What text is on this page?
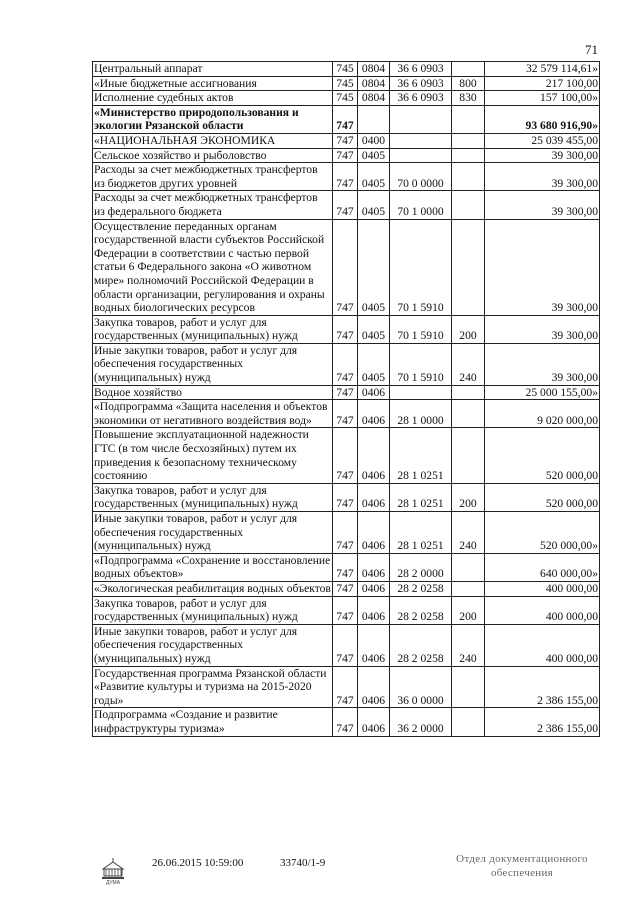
71
Центральный аппарат	745	0804	36 6 0903		32 579 114,61»
«Иные бюджетные ассигнования	745	0804	36 6 0903	800	217 100,00
Исполнение судебных актов	745	0804	36 6 0903	830	157 100,00»
«Министерство природопользования и экологии Рязанской области	747				93 680 916,90»
«НАЦИОНАЛЬНАЯ ЭКОНОМИКА	747	0400			25 039 455,00
Сельское хозяйство и рыболовство	747	0405			39 300,00
Расходы за счет межбюджетных трансфертов из бюджетов других уровней	747	0405	70 0 0000		39 300,00
Расходы за счет межбюджетных трансфертов из федерального бюджета	747	0405	70 1 0000		39 300,00
Осуществление переданных органам государственной власти субъектов Российской Федерации в соответствии с частью первой статьи 6 Федерального закона «О животном мире» полномочий Российской Федерации в области организации, регулирования и охраны водных биологических ресурсов	747	0405	70 1 5910		39 300,00
Закупка товаров, работ и услуг для государственных (муниципальных) нужд	747	0405	70 1 5910	200	39 300,00
Иные закупки товаров, работ и услуг для обеспечения государственных (муниципальных) нужд	747	0405	70 1 5910	240	39 300,00
Водное хозяйство	747	0406			25 000 155,00»
«Подпрограмма «Защита населения и объектов экономики от негативного воздействия вод»	747	0406	28 1 0000		9 020 000,00
Повышение эксплуатационной надежности ГТС (в том числе бесхозяйных) путем их приведения к безопасному техническому состоянию	747	0406	28 1 0251		520 000,00
Закупка товаров, работ и услуг для государственных (муниципальных) нужд	747	0406	28 1 0251	200	520 000,00
Иные закупки товаров, работ и услуг для обеспечения государственных (муниципальных) нужд	747	0406	28 1 0251	240	520 000,00»
«Подпрограмма «Сохранение и восстановление водных объектов»	747	0406	28 2 0000		640 000,00»
«Экологическая реабилитация водных объектов	747	0406	28 2 0258		400 000,00
Закупка товаров, работ и услуг для государственных (муниципальных) нужд	747	0406	28 2 0258	200	400 000,00
Иные закупки товаров, работ и услуг для обеспечения государственных (муниципальных) нужд	747	0406	28 2 0258	240	400 000,00
Государственная программа Рязанской области «Развитие культуры и туризма на 2015-2020 годы»	747	0406	36 0 0000		2 386 155,00
Подпрограмма «Создание и развитие инфраструктуры туризма»	747	0406	36 2 0000		2 386 155,00
ДУМА
26.06.2015 10:59:00	33740/1-9	Отдел документационного
обеспечения
